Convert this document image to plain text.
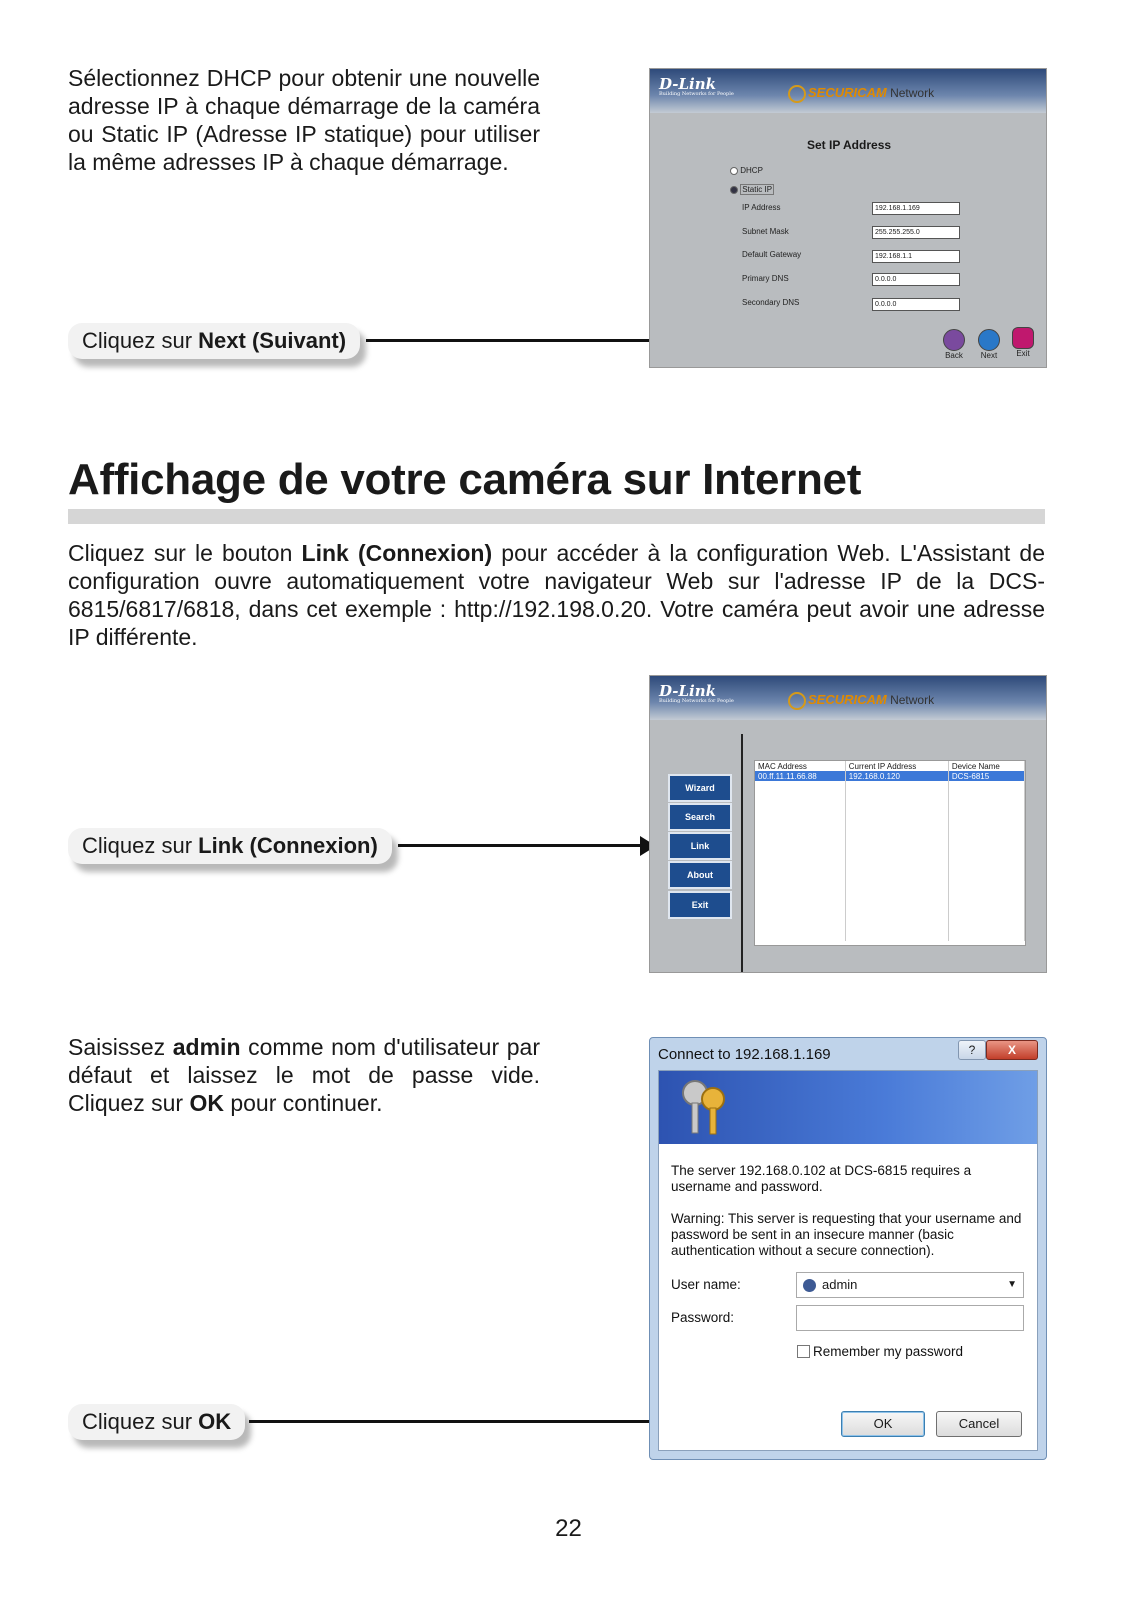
Sélectionnez DHCP pour obtenir une nouvelle adresse IP à chaque démarrage de la caméra ou Static IP (Adresse IP statique) pour utiliser la même adresses IP à chaque démarrage.
Cliquez sur Next (Suivant)
D-Link
Building Networks for People	SECURICAM Network
Set IP Address
DHCP
Static IP
IP Address	192.168.1.169
Subnet Mask	255.255.255.0
Default Gateway	192.168.1.1
Primary DNS	0.0.0.0
Secondary DNS	0.0.0.0
Back	Next	Exit
Affichage de votre caméra sur Internet
Cliquez sur le bouton Link (Connexion) pour accéder à la configuration Web. L'Assistant de configuration ouvre automatiquement votre navigateur Web sur l'adresse IP de la DCS-6815/6817/6818, dans cet exemple : http://192.198.0.20. Votre caméra peut avoir une adresse IP différente.
Cliquez sur Link (Connexion)
D-Link
Building Networks for People	SECURICAM Network
Wizard
Search
Link
About
Exit
MAC Address	Current IP Address	Device Name
00.ff.11.11.66.88	192.168.0.120	DCS-6815

Saisissez admin comme nom d'utilisateur par défaut et laissez le mot de passe vide. Cliquez sur OK pour continuer.
Cliquez sur OK
Connect to 192.168.1.169	?	X
The server 192.168.0.102 at DCS-6815 requires a username and password.
Warning: This server is requesting that your username and password be sent in an insecure manner (basic authentication without a secure connection).
User name:	admin	▼
Password:
Remember my password
OK	Cancel
22
